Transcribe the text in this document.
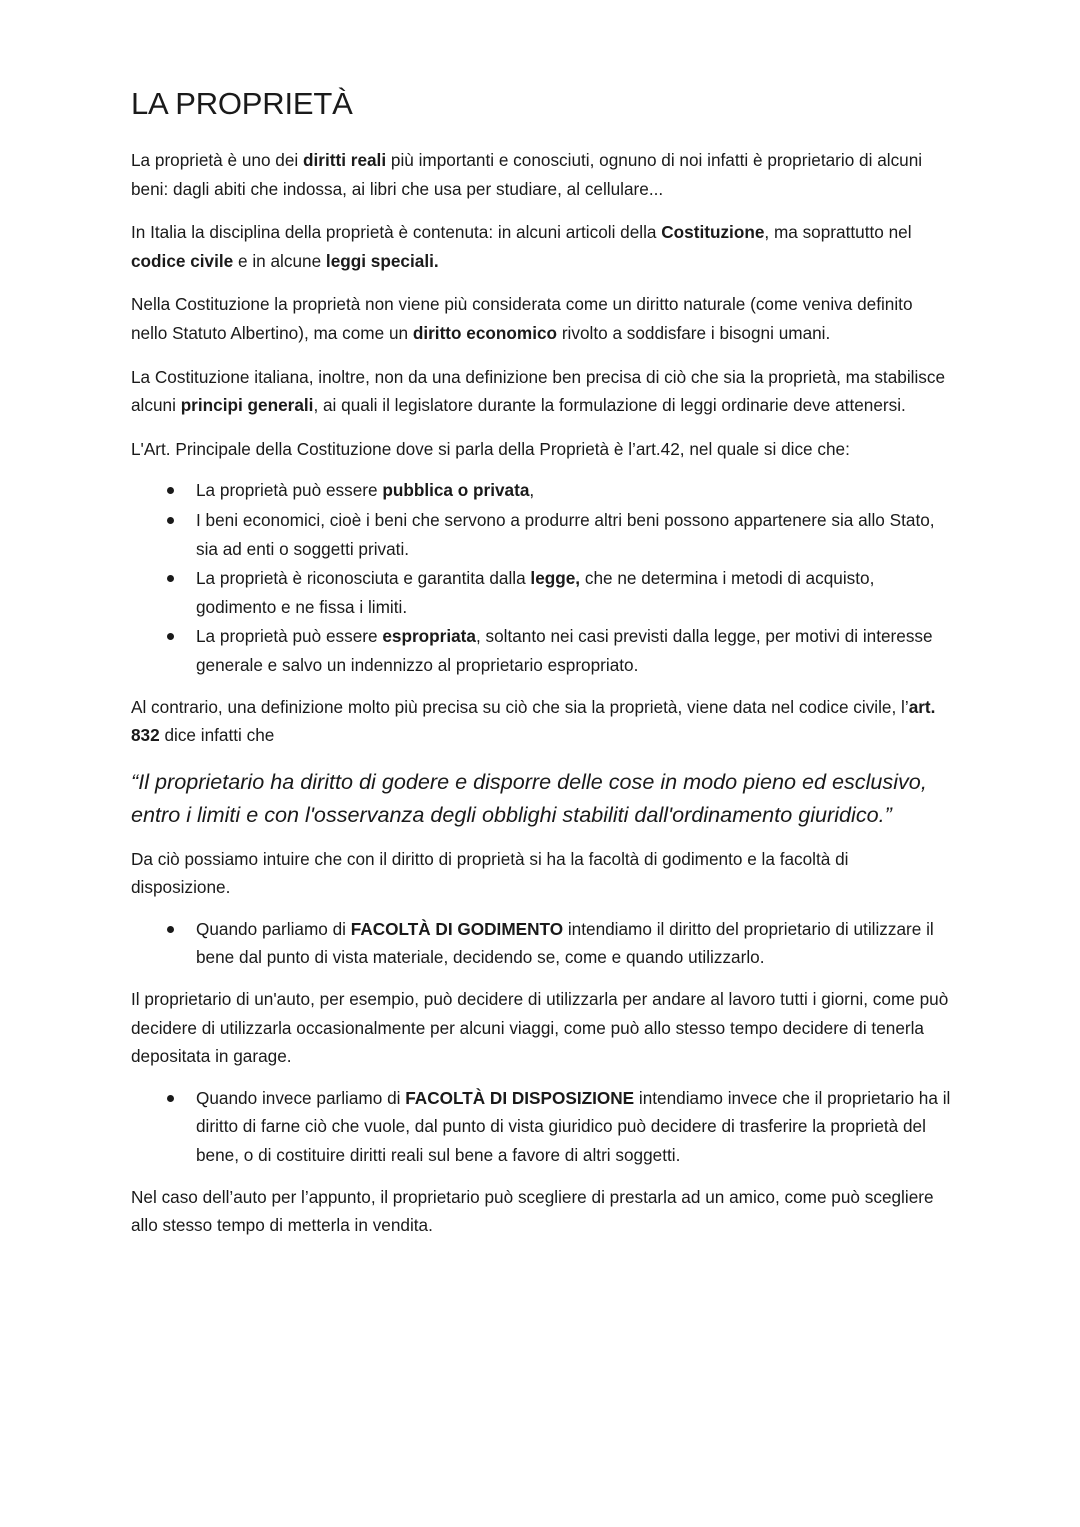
LA PROPRIETÀ

La proprietà è uno dei diritti reali più importanti e conosciuti, ognuno di noi infatti è proprietario di alcuni beni: dagli abiti che indossa, ai libri che usa per studiare, al cellulare...

In Italia la disciplina della proprietà è contenuta: in alcuni articoli della Costituzione, ma soprattutto nel codice civile e in alcune leggi speciali.

Nella Costituzione la proprietà non viene più considerata come un diritto naturale (come veniva definito nello Statuto Albertino), ma come un diritto economico rivolto a soddisfare i bisogni umani.

La Costituzione italiana, inoltre, non da una definizione ben precisa di ciò che sia la proprietà, ma stabilisce alcuni principi generali, ai quali il legislatore durante la formulazione di leggi ordinarie deve attenersi.

L'Art. Principale della Costituzione dove si parla della Proprietà è l’art.42, nel quale si dice che:

La proprietà può essere pubblica o privata,
I beni economici, cioè i beni che servono a produrre altri beni possono appartenere sia allo Stato, sia ad enti o soggetti privati.
La proprietà è riconosciuta e garantita dalla legge, che ne determina i metodi di acquisto, godimento e ne fissa i limiti.
La proprietà può essere espropriata, soltanto nei casi previsti dalla legge, per motivi di interesse generale e salvo un indennizzo al proprietario espropriato.

Al contrario, una definizione molto più precisa su ciò che sia la proprietà, viene data nel codice civile, l’art. 832 dice infatti che

“Il proprietario ha diritto di godere e disporre delle cose in modo pieno ed esclusivo, entro i limiti e con l'osservanza degli obblighi stabiliti dall'ordinamento giuridico.”

Da ciò possiamo intuire che con il diritto di proprietà si ha la facoltà di godimento e la facoltà di disposizione.

Quando parliamo di FACOLTÀ DI GODIMENTO intendiamo il diritto del proprietario di utilizzare il bene dal punto di vista materiale, decidendo se, come e quando utilizzarlo.

Il proprietario di un'auto, per esempio, può decidere di utilizzarla per andare al lavoro tutti i giorni, come può decidere di utilizzarla occasionalmente per alcuni viaggi, come può allo stesso tempo decidere di tenerla depositata in garage.

Quando invece parliamo di FACOLTÀ DI DISPOSIZIONE intendiamo invece che il proprietario ha il diritto di farne ciò che vuole, dal punto di vista giuridico può decidere di trasferire la proprietà del bene, o di costituire diritti reali sul bene a favore di altri soggetti.

Nel caso dell’auto per l’appunto, il proprietario può scegliere di prestarla ad un amico, come può scegliere allo stesso tempo di metterla in vendita.
